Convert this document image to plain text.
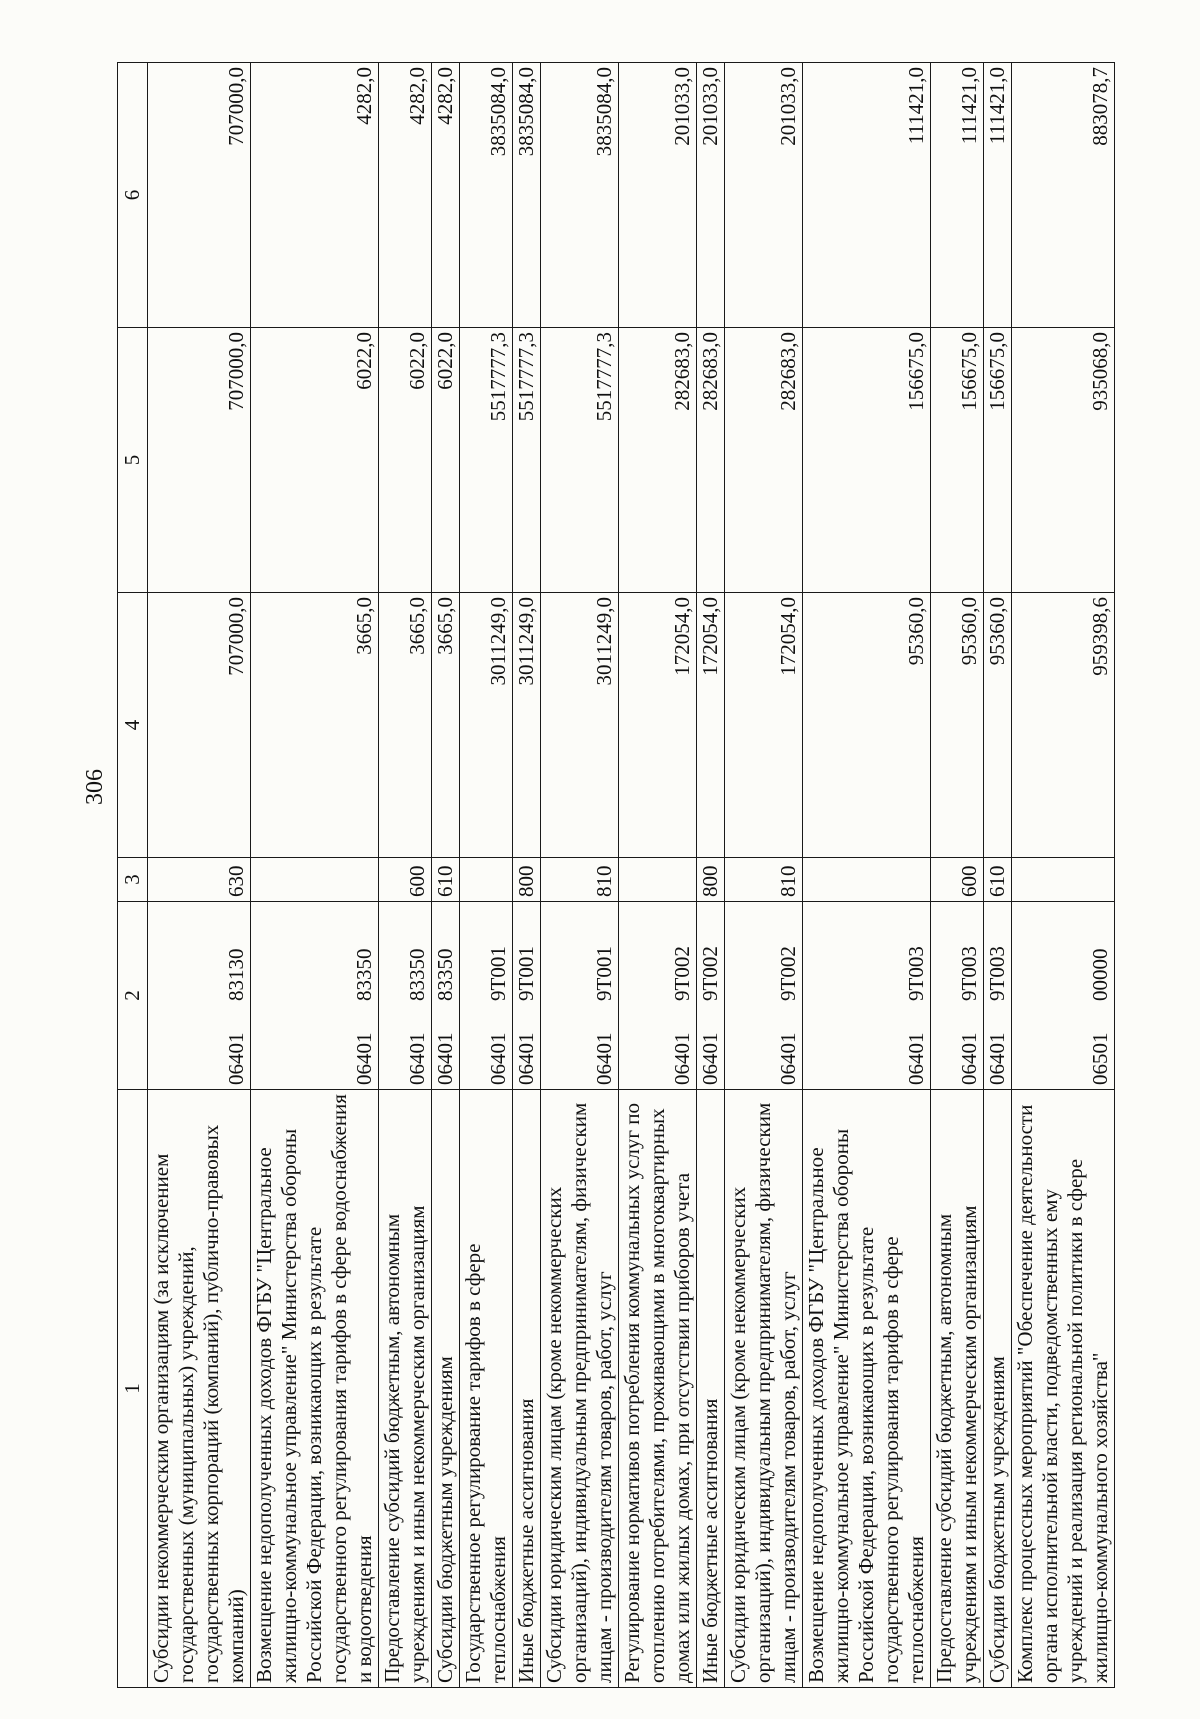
306
1	2	3	4	5	6
Субсидии некоммерческим организациям (за исключением государственных (муниципальных) учреждений, государственных корпораций (компаний), публично-правовых компаний)	0640183130	630	707000,0	707000,0	707000,0
Возмещение недополученных доходов ФГБУ "Центральное жилищно-коммунальное управление" Министерства обороны Российской Федерации, возникающих в результате государственного регулирования тарифов в сфере водоснабжения и водоотведения	0640183350		3665,0	6022,0	4282,0
Предоставление субсидий бюджетным, автономным учреждениям и иным некоммерческим организациям	0640183350	600	3665,0	6022,0	4282,0
Субсидии бюджетным учреждениям	0640183350	610	3665,0	6022,0	4282,0
Государственное регулирование тарифов в сфере теплоснабжения	064019Т001		3011249,0	5517777,3	3835084,0
Иные бюджетные ассигнования	064019Т001	800	3011249,0	5517777,3	3835084,0
Субсидии юридическим лицам (кроме некоммерческих организаций), индивидуальным предпринимателям, физическим лицам - производителям товаров, работ, услуг	064019Т001	810	3011249,0	5517777,3	3835084,0
Регулирование нормативов потребления коммунальных услуг по отоплению потребителями, проживающими в многоквартирных домах или жилых домах, при отсутствии приборов учета	064019Т002		172054,0	282683,0	201033,0
Иные бюджетные ассигнования	064019Т002	800	172054,0	282683,0	201033,0
Субсидии юридическим лицам (кроме некоммерческих организаций), индивидуальным предпринимателям, физическим лицам - производителям товаров, работ, услуг	064019Т002	810	172054,0	282683,0	201033,0
Возмещение недополученных доходов ФГБУ "Центральное жилищно-коммунальное управление" Министерства обороны Российской Федерации, возникающих в результате государственного регулирования тарифов в сфере теплоснабжения	064019Т003		95360,0	156675,0	111421,0
Предоставление субсидий бюджетным, автономным учреждениям и иным некоммерческим организациям	064019Т003	600	95360,0	156675,0	111421,0
Субсидии бюджетным учреждениям	064019Т003	610	95360,0	156675,0	111421,0
Комплекс процессных мероприятий "Обеспечение деятельности органа исполнительной власти, подведомственных ему учреждений и реализация региональной политики в сфере жилищно-коммунального хозяйства"	0650100000		959398,6	935068,0	883078,7
